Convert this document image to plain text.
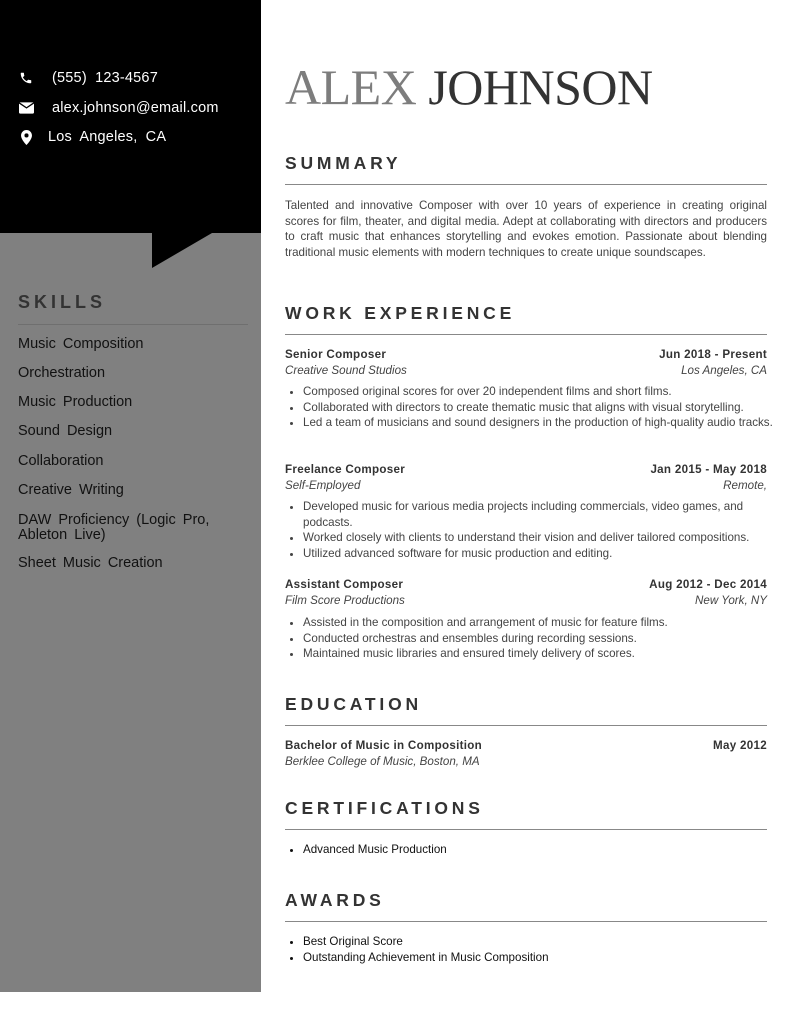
(555) 123-4567
alex.johnson@email.com
Los Angeles, CA
SKILLS
Music Composition
Orchestration
Music Production
Sound Design
Collaboration
Creative Writing
DAW Proficiency (Logic Pro, Ableton Live)
Sheet Music Creation
ALEX JOHNSON
SUMMARY
Talented and innovative Composer with over 10 years of experience in creating original scores for film, theater, and digital media. Adept at collaborating with directors and producers to craft music that enhances storytelling and evokes emotion. Passionate about blending traditional music elements with modern techniques to create unique soundscapes.
WORK EXPERIENCE
Senior Composer	Jun 2018 - Present
Creative Sound Studios	Los Angeles, CA
• Composed original scores for over 20 independent films and short films.
• Collaborated with directors to create thematic music that aligns with visual storytelling.
• Led a team of musicians and sound designers in the production of high-quality audio tracks.
Freelance Composer	Jan 2015 - May 2018
Self-Employed	Remote,
• Developed music for various media projects including commercials, video games, and podcasts.
• Worked closely with clients to understand their vision and deliver tailored compositions.
• Utilized advanced software for music production and editing.
Assistant Composer	Aug 2012 - Dec 2014
Film Score Productions	New York, NY
• Assisted in the composition and arrangement of music for feature films.
• Conducted orchestras and ensembles during recording sessions.
• Maintained music libraries and ensured timely delivery of scores.
EDUCATION
Bachelor of Music in Composition	May 2012
Berklee College of Music, Boston, MA
CERTIFICATIONS
• Advanced Music Production
AWARDS
• Best Original Score
• Outstanding Achievement in Music Composition
